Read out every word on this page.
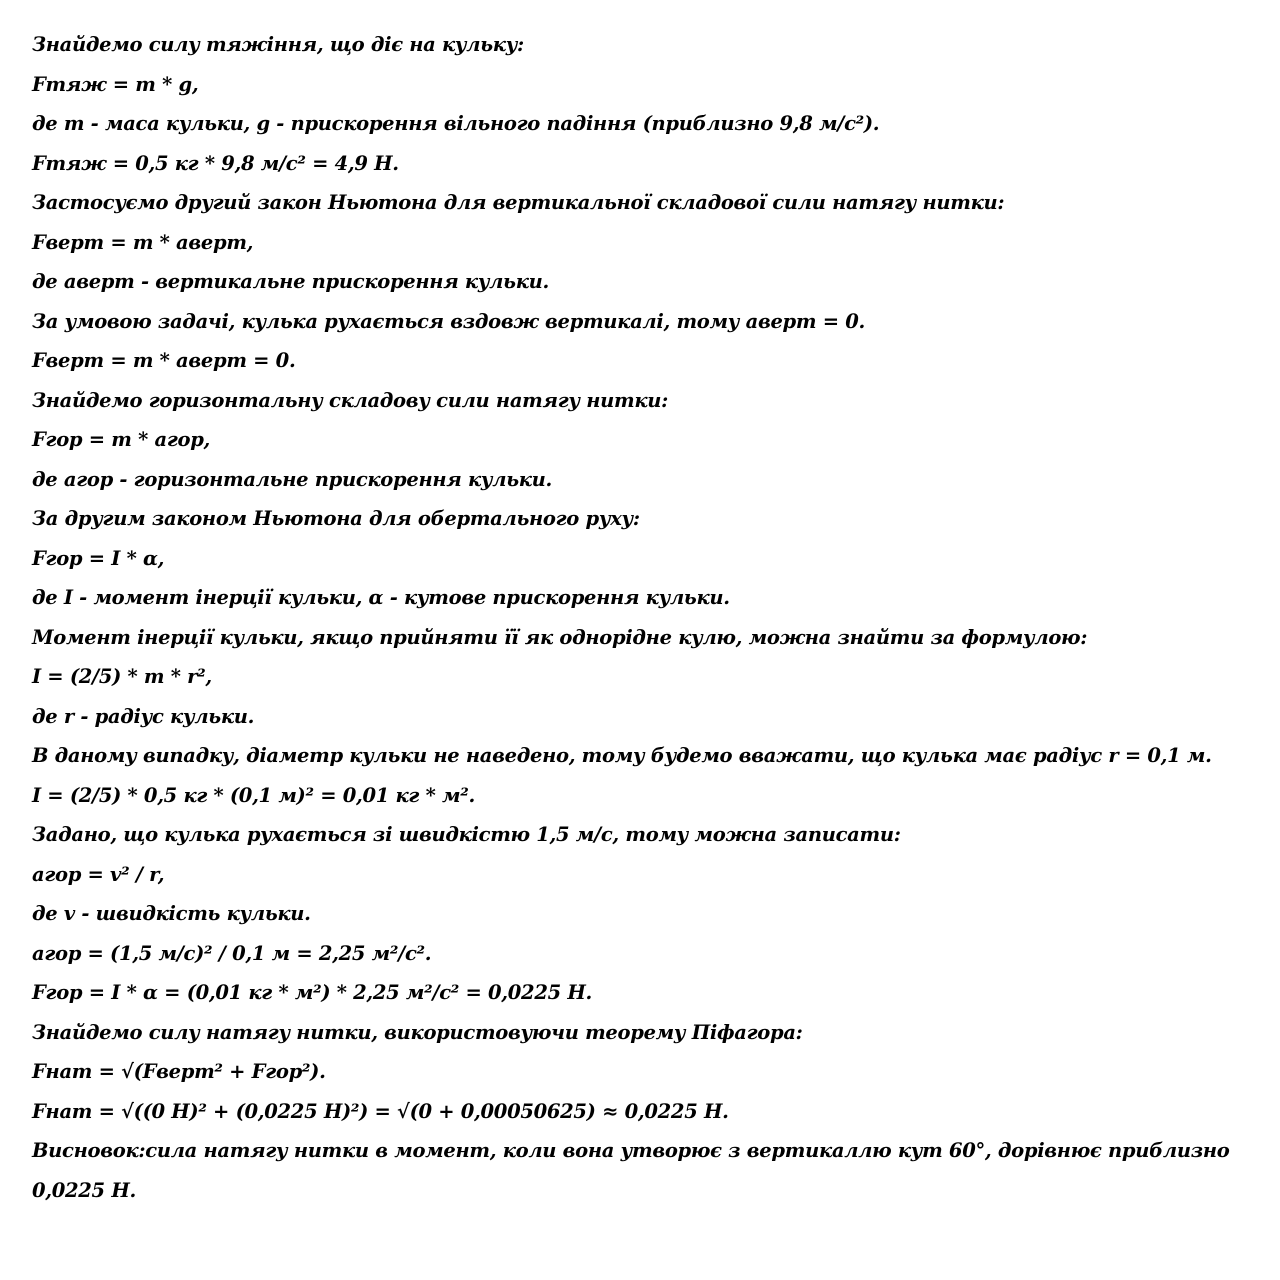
Знайдемо силу тяжіння, що діє на кульку:
Fтяж = m * g,
де m - маса кульки, g - прискорення вільного падіння (приблизно 9,8 м/с²).
Fтяж = 0,5 кг * 9,8 м/с² = 4,9 Н.
Застосуємо другий закон Ньютона для вертикальної складової сили натягу нитки:
Fверт = m * аверт,
де аверт - вертикальне прискорення кульки.
За умовою задачі, кулька рухається вздовж вертикалі, тому аверт = 0.
Fверт = m * аверт = 0.
Знайдемо горизонтальну складову сили натягу нитки:
Fгор = m * агор,
де агор - горизонтальне прискорення кульки.
За другим законом Ньютона для обертального руху:
Fгор = I * α,
де I - момент інерції кульки, α - кутове прискорення кульки.
Момент інерції кульки, якщо прийняти її як однорідне кулю, можна знайти за формулою:
I = (2/5) * m * r²,
де r - радіус кульки.
В даному випадку, діаметр кульки не наведено, тому будемо вважати, що кулька має радіус r = 0,1 м.
I = (2/5) * 0,5 кг * (0,1 м)² = 0,01 кг * м².
Задано, що кулька рухається зі швидкістю 1,5 м/с, тому можна записати:
агор = v² / r,
де v - швидкість кульки.
агор = (1,5 м/с)² / 0,1 м = 2,25 м²/с².
Fгор = I * α = (0,01 кг * м²) * 2,25 м²/с² = 0,0225 Н.
Знайдемо силу натягу нитки, використовуючи теорему Піфагора:
Fнат = √(Fверт² + Fгор²).
Fнат = √((0 Н)² + (0,0225 Н)²) = √(0 + 0,00050625) ≈ 0,0225 Н.
Висновок:сила натягу нитки в момент, коли вона утворює з вертикаллю кут 60°, дорівнює приблизно
0,0225 Н.
